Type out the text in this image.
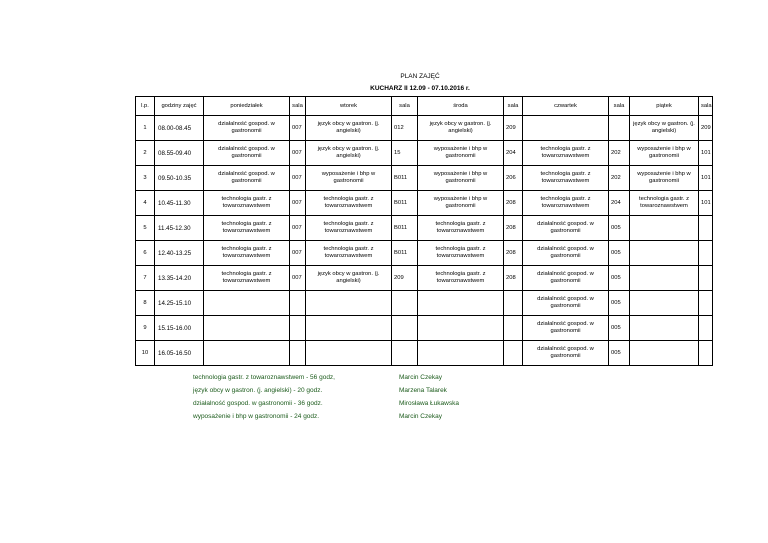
PLAN ZAJĘĆ
KUCHARZ II 12.09 - 07.10.2016 r.
l.p.	godziny zajęć	poniedziałek	sala	wtorek	sala	środa	sala	czwartek	sala	piątek	sala
1	08.00-08.45	działalność gospod. w gastronomii	007	język obcy w gastron. (j. angielski)	012	język obcy w gastron. (j. angielski)	209			język obcy w gastron. (j. angielski)	209
2	08.55-09.40	działalność gospod. w gastronomii	007	język obcy w gastron. (j. angielski)	15	wyposażenie i bhp w gastronomii	204	technologia gastr. z towaroznawstwem	202	wyposażenie i bhp w gastronomii	101
3	09.50-10.35	działalność gospod. w gastronomii	007	wyposażenie i bhp w gastronomii	B011	wyposażenie i bhp w gastronomii	206	technologia gastr. z towaroznawstwem	202	wyposażenie i bhp w gastronomii	101
4	10.45-11.30	technologia gastr. z towaroznawstwem	007	technologia gastr. z towaroznawstwem	B011	wyposażenie i bhp w gastronomii	208	technologia gastr. z towaroznawstwem	204	technologia gastr. z towaroznawstwem	101
5	11.45-12.30	technologia gastr. z towaroznawstwem	007	technologia gastr. z towaroznawstwem	B011	technologia gastr. z towaroznawstwem	208	działalność gospod. w gastronomii	005		
6	12.40-13.25	technologia gastr. z towaroznawstwem	007	technologia gastr. z towaroznawstwem	B011	technologia gastr. z towaroznawstwem	208	działalność gospod. w gastronomii	005		
7	13.35-14.20	technologia gastr. z towaroznawstwem	007	język obcy w gastron. (j. angielski)	209	technologia gastr. z towaroznawstwem	208	działalność gospod. w gastronomii	005		
8	14.25-15.10							działalność gospod. w gastronomii	005		
9	15.15-16.00							działalność gospod. w gastronomii	005		
10	16.05-16.50							działalność gospod. w gastronomii	005		
technologia gastr. z towaroznawstwem - 56 godz,	Marcin Czekay
język obcy w gastron. (j. angielski) - 20 godz.	Marzena Talarek
działalność gospod. w gastronomii - 36 godz.	Mirosława Łukawska
wyposażenie i bhp w gastronomii - 24 godz.	Marcin Czekay
